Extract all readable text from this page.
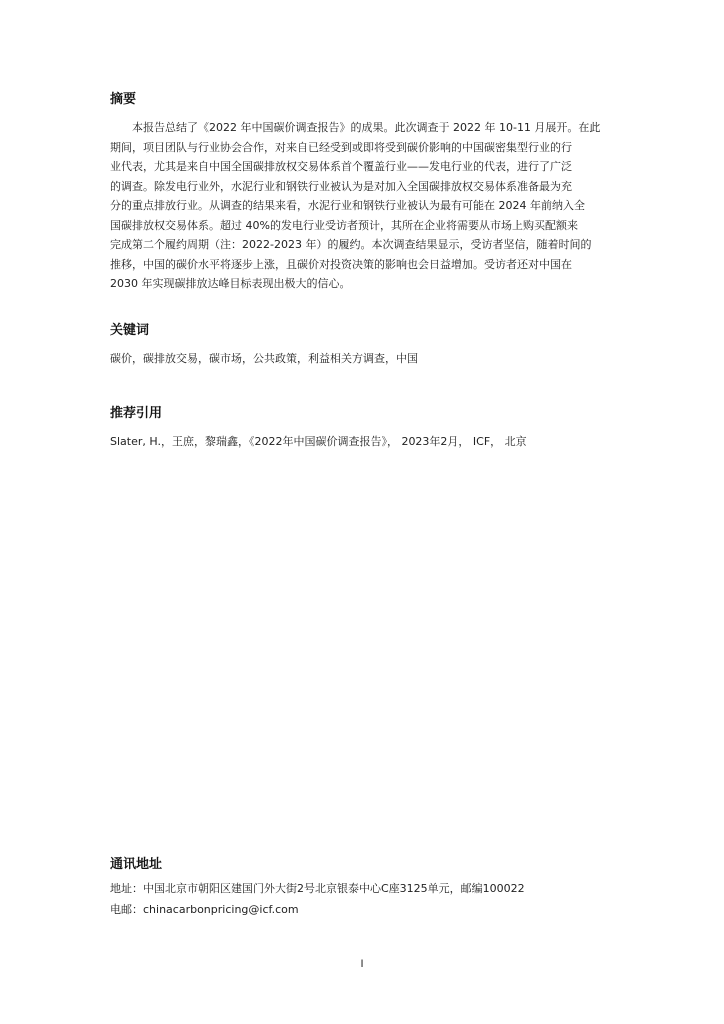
摘要

本报告总结了《2022 年中国碳价调查报告》的成果。此次调查于 2022 年 10-11 月展开。在此
期间，项目团队与行业协会合作，对来自已经受到或即将受到碳价影响的中国碳密集型行业的行
业代表，尤其是来自中国全国碳排放权交易体系首个覆盖行业——发电行业的代表，进行了广泛
的调查。除发电行业外，水泥行业和钢铁行业被认为是对加入全国碳排放权交易体系准备最为充
分的重点排放行业。从调查的结果来看，水泥行业和钢铁行业被认为最有可能在 2024 年前纳入全
国碳排放权交易体系。超过 40%的发电行业受访者预计，其所在企业将需要从市场上购买配额来
完成第二个履约周期（注：2022-2023 年）的履约。本次调查结果显示，受访者坚信，随着时间的
推移，中国的碳价水平将逐步上涨，且碳价对投资决策的影响也会日益增加。受访者还对中国在
2030 年实现碳排放达峰目标表现出极大的信心。

关键词

碳价，碳排放交易，碳市场，公共政策，利益相关方调查，中国

推荐引用

Slater, H.，王庶，黎瑞鑫，《2022年中国碳价调查报告》， 2023年2月， ICF， 北京

通讯地址

地址：中国北京市朝阳区建国门外大街2号北京银泰中心C座3125单元，邮编100022
电邮：chinacarbonpricing@icf.com

I
